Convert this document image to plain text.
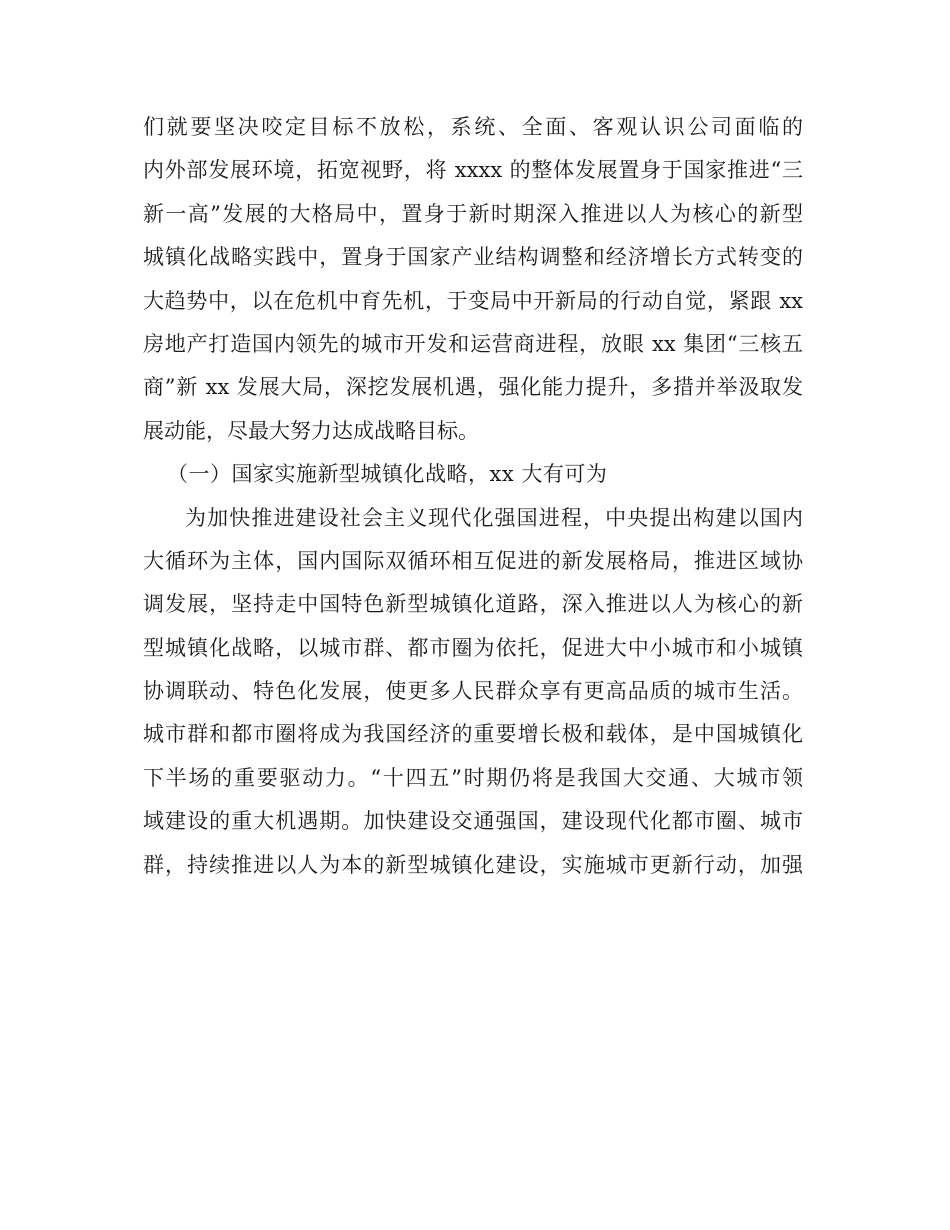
们就要坚决咬定目标不放松，系统、全面、客观认识公司面临的
内外部发展环境，拓宽视野，将 xxxx 的整体发展置身于国家推进“三
新一高”发展的大格局中，置身于新时期深入推进以人为核心的新型
城镇化战略实践中，置身于国家产业结构调整和经济增长方式转变的
大趋势中，以在危机中育先机，于变局中开新局的行动自觉，紧跟 xx
房地产打造国内领先的城市开发和运营商进程，放眼 xx 集团“三核五
商”新 xx 发展大局，深挖发展机遇，强化能力提升，多措并举汲取发
展动能，尽最大努力达成战略目标。
（一）国家实施新型城镇化战略，xx 大有可为
为加快推进建设社会主义现代化强国进程，中央提出构建以国内
大循环为主体，国内国际双循环相互促进的新发展格局，推进区域协
调发展，坚持走中国特色新型城镇化道路，深入推进以人为核心的新
型城镇化战略，以城市群、都市圈为依托，促进大中小城市和小城镇
协调联动、特色化发展，使更多人民群众享有更高品质的城市生活。
城市群和都市圈将成为我国经济的重要增长极和载体，是中国城镇化
下半场的重要驱动力。“十四五”时期仍将是我国大交通、大城市领
域建设的重大机遇期。加快建设交通强国，建设现代化都市圈、城市
群，持续推进以人为本的新型城镇化建设，实施城市更新行动，加强
